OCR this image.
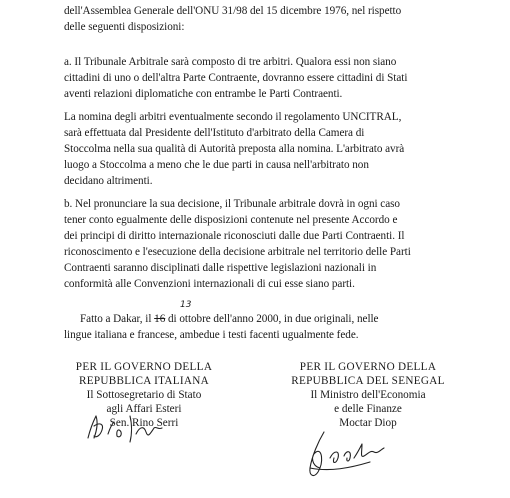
dell'Assemblea Generale dell'ONU 31/98 del 15 dicembre 1976, nel rispetto
delle seguenti disposizioni:
a. Il Tribunale Arbitrale sarà composto di tre arbitri. Qualora essi non siano
cittadini di uno o dell'altra Parte Contraente, dovranno essere cittadini di Stati
aventi relazioni diplomatiche con entrambe le Parti Contraenti.
La nomina degli arbitri eventualmente secondo il regolamento UNCITRAL,
sarà effettuata dal Presidente dell'Istituto d'arbitrato della Camera di
Stoccolma nella sua qualità di Autorità preposta alla nomina. L'arbitrato avrà
luogo a Stoccolma a meno che le due parti in causa nell'arbitrato non
decidano altrimenti.
b. Nel pronunciare la sua decisione, il Tribunale arbitrale dovrà in ogni caso
tener conto egualmente delle disposizioni contenute nel presente Accordo e
dei principi di diritto internazionale riconosciuti dalle due Parti Contraenti. Il
riconoscimento e l'esecuzione della decisione arbitrale nel territorio delle Parti
Contraenti saranno disciplinati dalle rispettive legislazioni nazionali in
conformità alle Convenzioni internazionali di cui esse siano parti.
13
Fatto a Dakar, il 16 di ottobre dell'anno 2000, in due originali, nelle
lingue italiana e francese, ambedue i testi facenti ugualmente fede.
PER IL GOVERNO DELLA
REPUBBLICA ITALIANA
Il Sottosegretario di Stato
agli Affari Esteri
Sen. Rino Serri
PER IL GOVERNO DELLA
REPUBBLICA DEL SENEGAL
Il Ministro dell'Economia
e delle Finanze
Moctar Diop
